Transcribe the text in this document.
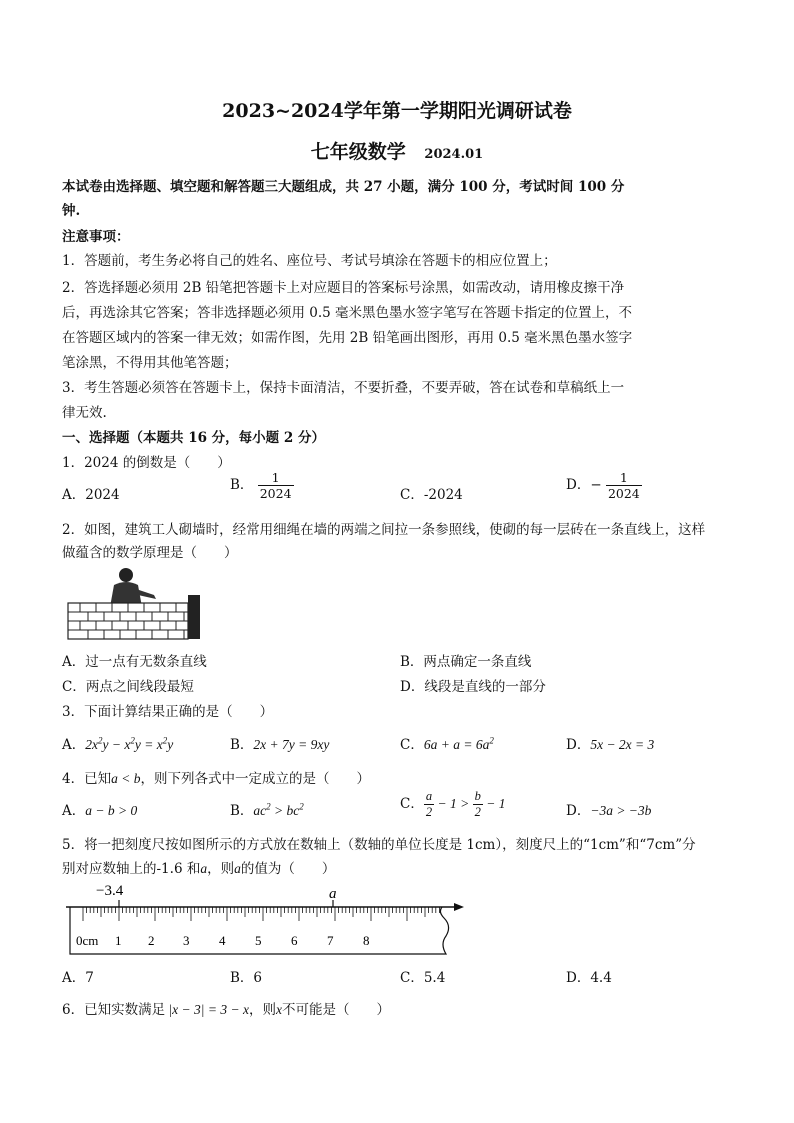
2023~2024学年第一学期阳光调研试卷
七年级数学 2024.01
本试卷由选择题、填空题和解答题三大题组成，共 27 小题，满分 100 分，考试时间 100 分
钟.
注意事项：
1．答题前，考生务必将自己的姓名、座位号、考试号填涂在答题卡的相应位置上；
2．答选择题必须用 2B 铅笔把答题卡上对应题目的答案标号涂黑，如需改动，请用橡皮擦干净
后，再选涂其它答案；答非选择题必须用 0.5 毫米黑色墨水签字笔写在答题卡指定的位置上，不
在答题区域内的答案一律无效；如需作图，先用 2B 铅笔画出图形，再用 0.5 毫米黑色墨水签字
笔涂黑，不得用其他笔答题；
3．考生答题必须答在答题卡上，保持卡面清洁，不要折叠，不要弄破，答在试卷和草稿纸上一
律无效.
一、选择题（本题共 16 分，每小题 2 分）
1．2024 的倒数是（　　）
A．2024
B． $\frac{1}{2024}$	C．-2024
D．− $\frac{1}{2024}$
2．如图，建筑工人砌墙时，经常用细绳在墙的两端之间拉一条参照线，使砌的每一层砖在一条直线上，这样
做蕴含的数学原理是（　　）
A．过一点有无数条直线	B．两点确定一条直线
C．两点之间线段最短	D．线段是直线的一部分
3．下面计算结果正确的是（　　）
A．$2x^2y - x^2y = x^2y$	B．2x + 7y = 9xy	C．$6a + a = 6a^2$	D．5x − 2x = 3
4．已知a < b，则下列各式中一定成立的是（　　）
A．a − b > 0	B．$ac^2 > bc^2$	C． $\frac{a}{2} - 1 > \frac{b}{2} - 1$	D．−3a > −3b
5．将一把刻度尺按如图所示的方式放在数轴上（数轴的单位长度是 1cm），刻度尺上的“1cm”和“7cm”分
别对应数轴上的-1.6 和a，则a的值为（　　）
−3.4	a
0cm 1 2 3 4 5 6 7 8
A．7	B．6	C．5.4	D．4.4
6．已知实数满足 |x − 3| = 3 − x，则x不可能是（　　）
